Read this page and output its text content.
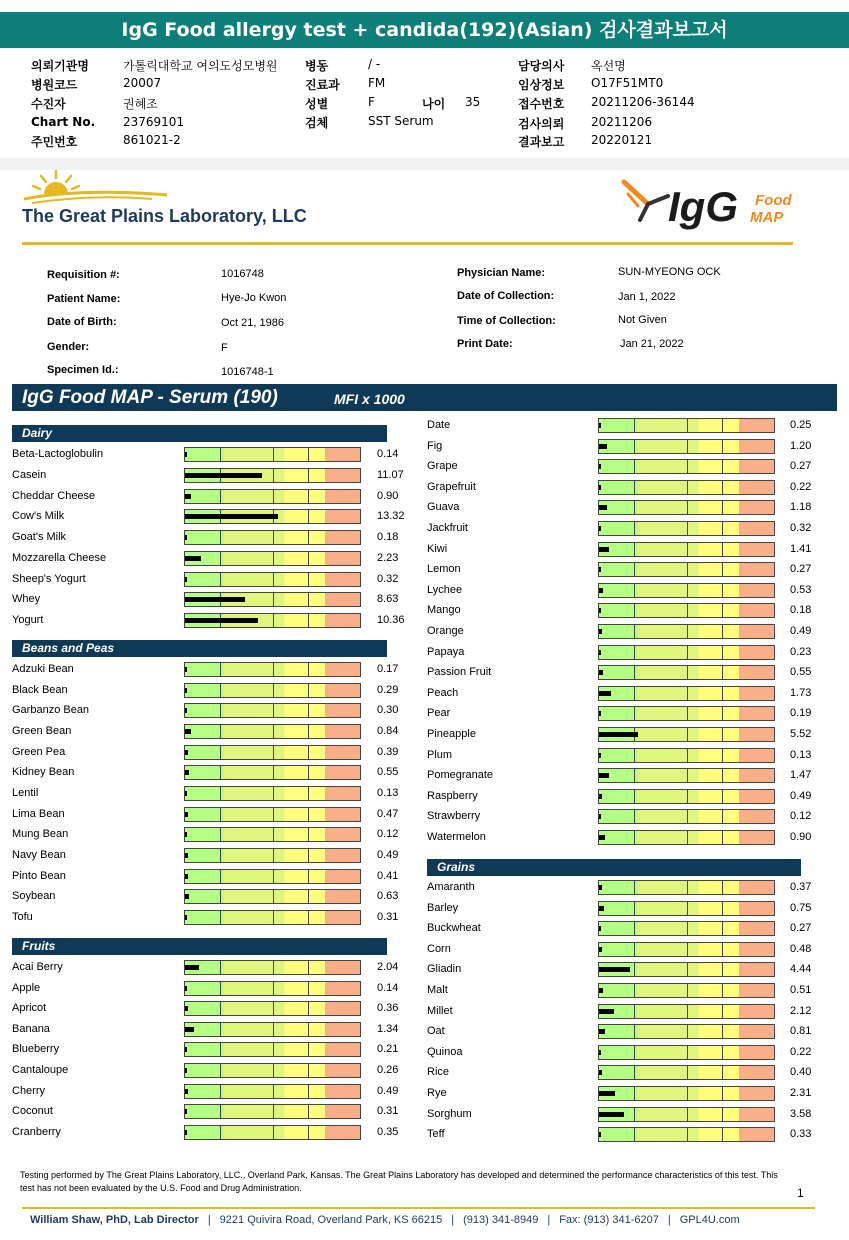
IgG Food allergy test + candida(192)(Asian) 검사결과보고서
의뢰기관명	가톨릭대학교 여의도성모병원
병원코드	20007
수진자	권혜조
Chart No. 23769101
주민번호	861021-2
병동	/ -
진료과 FM
성별	F	나이 35
검체	SST Serum
담당의사 옥선명
임상정보 O17F51MT0
접수번호 20211206-36144
검사의뢰 20211206
결과보고 20220121
The Great Plains Laboratory, LLC	IgG Food
MAP
Requisition #:	1016748
Patient Name:	Hye-Jo Kwon
Date of Birth:	Oct 21, 1986
Gender:	F
Specimen Id.:	1016748-1
Physician Name:	SUN-MYEONG OCK
Date of Collection:	Jan 1, 2022
Time of Collection:	Not Given
Print Date:	Jan 21, 2022
IgG Food MAP - Serum (190)	MFI x 1000
Dairy
Beta-Lactoglobulin	0.14
Casein	11.07
Cheddar Cheese	0.90
Cow's Milk	13.32
Goat's Milk	0.18
Mozzarella Cheese	2.23
Sheep's Yogurt	0.32
Whey	8.63
Yogurt	10.36
Beans and Peas
Adzuki Bean	0.17
Black Bean	0.29
Garbanzo Bean	0.30
Green Bean	0.84
Green Pea	0.39
Kidney Bean	0.55
Lentil	0.13
Lima Bean	0.47
Mung Bean	0.12
Navy Bean	0.49
Pinto Bean	0.41
Soybean	0.63
Tofu	0.31
Fruits
Acai Berry	2.04
Apple	0.14
Apricot	0.36
Banana	1.34
Blueberry	0.21
Cantaloupe	0.26
Cherry	0.49
Coconut	0.31
Cranberry	0.35
Date	0.25
Fig	1.20
Grape	0.27
Grapefruit	0.22
Guava	1.18
Jackfruit	0.32
Kiwi	1.41
Lemon	0.27
Lychee	0.53
Mango	0.18
Orange	0.49
Papaya	0.23
Passion Fruit	0.55
Peach	1.73
Pear	0.19
Pineapple	5.52
Plum	0.13
Pomegranate	1.47
Raspberry	0.49
Strawberry	0.12
Watermelon	0.90
Grains
Amaranth	0.37
Barley	0.75
Buckwheat	0.27
Corn	0.48
Gliadin	4.44
Malt	0.51
Millet	2.12
Oat	0.81
Quinoa	0.22
Rice	0.40
Rye	2.31
Sorghum	3.58
Teff	0.33
Testing performed by The Great Plains Laboratory, LLC., Overland Park, Kansas. The Great Plains Laboratory has developed and determined the performance characteristics of this test. This test has not been evaluated by the U.S. Food and Drug Administration.	1
William Shaw, PhD, Lab Director | 9221 Quivira Road, Overland Park, KS 66215 | (913) 341-8949 | Fax: (913) 341-6207 | GPL4U.com
